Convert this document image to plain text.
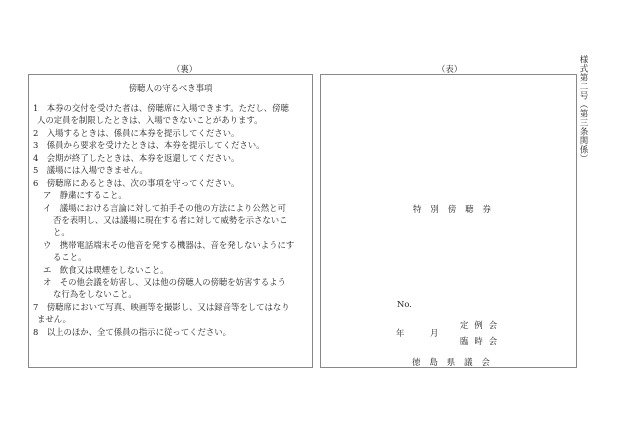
様式第二号（第三条関係）
（裏）	（表）
傍聴人の守るべき事項
1　本券の交付を受けた者は、傍聴席に入場できます。ただし、傍聴
人の定員を制限したときは、入場できないことがあります。
2　入場するときは、係員に本券を提示してください。
3　係員から要求を受けたときは、本券を提示してください。
4　会期が終了したときは、本券を返還してください。
5　議場には入場できません。
6　傍聴席にあるときは、次の事項を守ってください。
ア　静粛にすること。
イ　議場における言論に対して拍手その他の方法により公然と可
否を表明し、又は議場に現在する者に対して威勢を示さないこ
と。
ウ　携帯電話端末その他音を発する機器は、音を発しないようにす
ること。
エ　飲食又は喫煙をしないこと。
オ　その他会議を妨害し、又は他の傍聴人の傍聴を妨害するよう
な行為をしないこと。
7　傍聴席において写真、映画等を撮影し、又は録音等をしてはなり
ません。
8　以上のほか、全て係員の指示に従ってください。
特別傍聴券
No.
年	月
定例会
臨時会
徳島県議会
